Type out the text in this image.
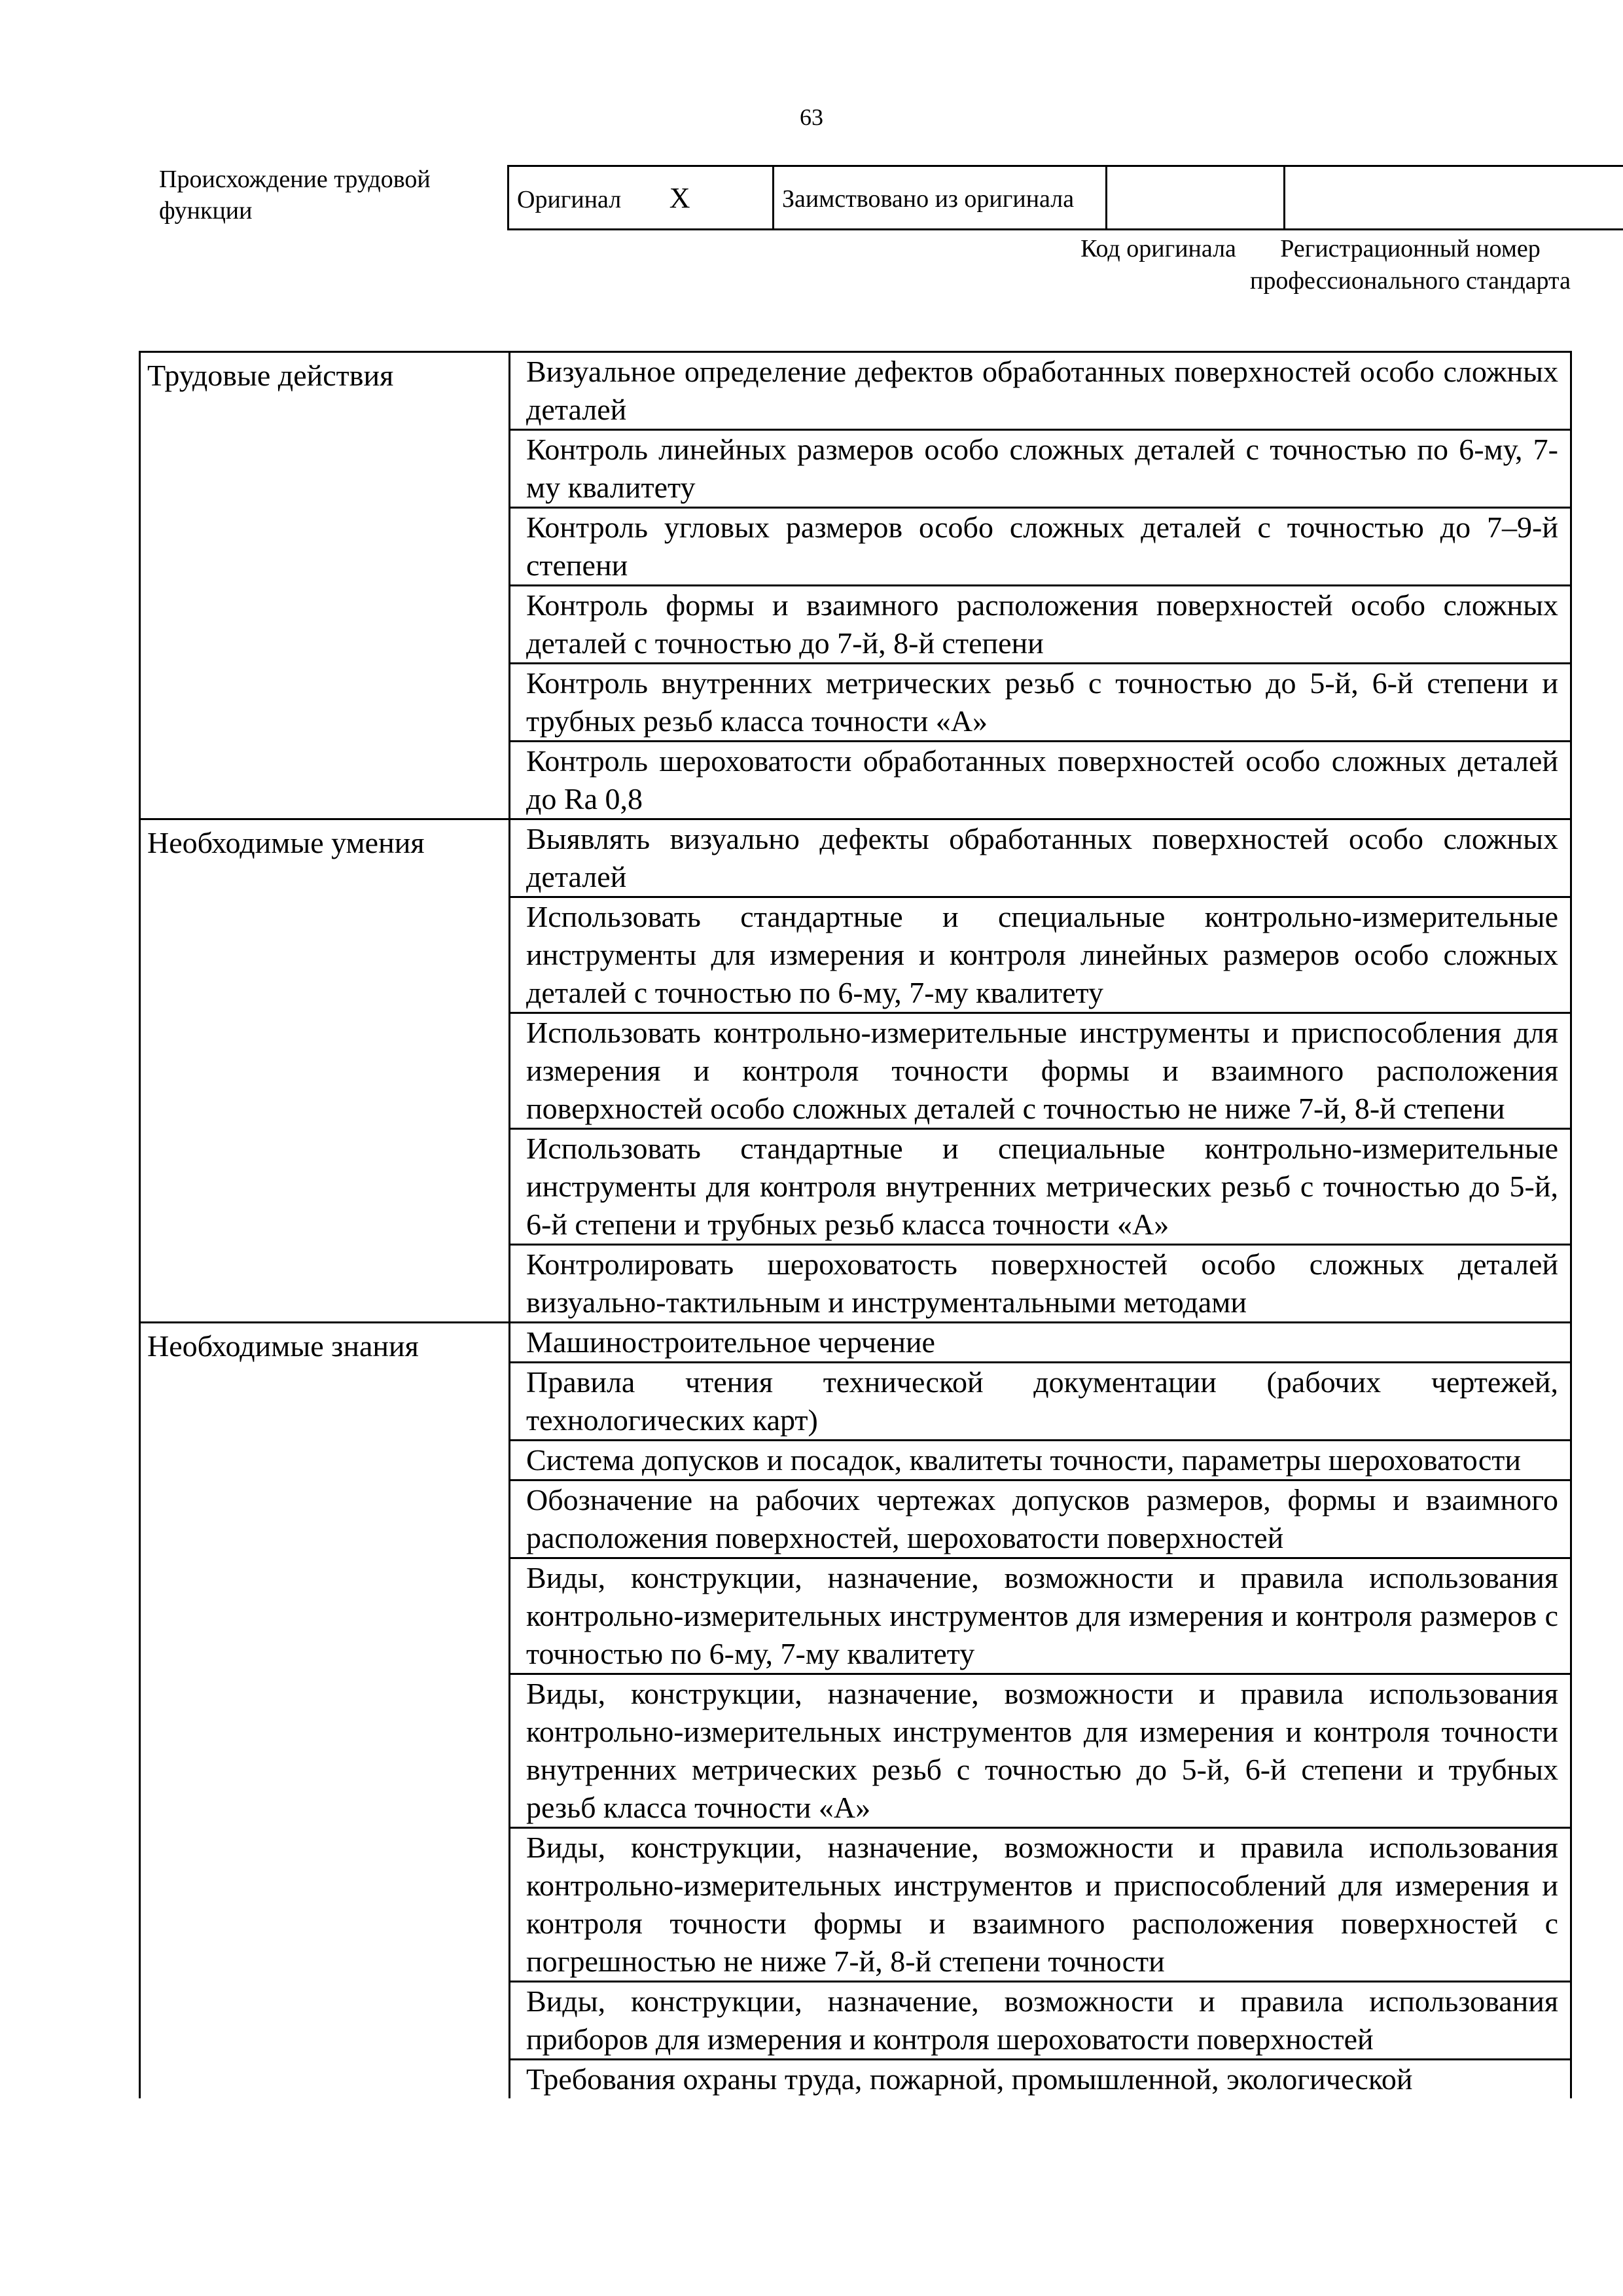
63
Происхождение трудовой функции	Оригинал X	Заимствовано из оригинала		
Код оригинала	Регистрационный номер профессионального стандарта
Трудовые действия	Визуальное определение дефектов обработанных поверхностей особо сложных деталей
	Контроль линейных размеров особо сложных деталей с точностью по 6-му, 7-му квалитету
	Контроль угловых размеров особо сложных деталей с точностью до 7–9-й степени
	Контроль формы и взаимного расположения поверхностей особо сложных деталей с точностью до 7-й, 8-й степени
	Контроль внутренних метрических резьб с точностью до 5-й, 6-й степени и трубных резьб класса точности «А»
	Контроль шероховатости обработанных поверхностей особо сложных деталей до Ra 0,8
Необходимые умения	Выявлять визуально дефекты обработанных поверхностей особо сложных деталей
	Использовать стандартные и специальные контрольно-измерительные инструменты для измерения и контроля линейных размеров особо сложных деталей с точностью по 6-му, 7-му квалитету
	Использовать контрольно-измерительные инструменты и приспособления для измерения и контроля точности формы и взаимного расположения поверхностей особо сложных деталей с точностью не ниже 7-й, 8-й степени
	Использовать стандартные и специальные контрольно-измерительные инструменты для контроля внутренних метрических резьб с точностью до 5-й, 6-й степени и трубных резьб класса точности «А»
	Контролировать шероховатость поверхностей особо сложных деталей визуально-тактильным и инструментальными методами
Необходимые знания	Машиностроительное черчение
	Правила чтения технической документации (рабочих чертежей, технологических карт)
	Система допусков и посадок, квалитеты точности, параметры шероховатости
	Обозначение на рабочих чертежах допусков размеров, формы и взаимного расположения поверхностей, шероховатости поверхностей
	Виды, конструкции, назначение, возможности и правила использования контрольно-измерительных инструментов для измерения и контроля размеров с точностью по 6-му, 7-му квалитету
	Виды, конструкции, назначение, возможности и правила использования контрольно-измерительных инструментов для измерения и контроля точности внутренних метрических резьб с точностью до 5-й, 6-й степени и трубных резьб класса точности «А»
	Виды, конструкции, назначение, возможности и правила использования контрольно-измерительных инструментов и приспособлений для измерения и контроля точности формы и взаимного расположения поверхностей с погрешностью не ниже 7-й, 8-й степени точности
	Виды, конструкции, назначение, возможности и правила использования приборов для измерения и контроля шероховатости поверхностей
	Требования охраны труда, пожарной, промышленной, экологической
